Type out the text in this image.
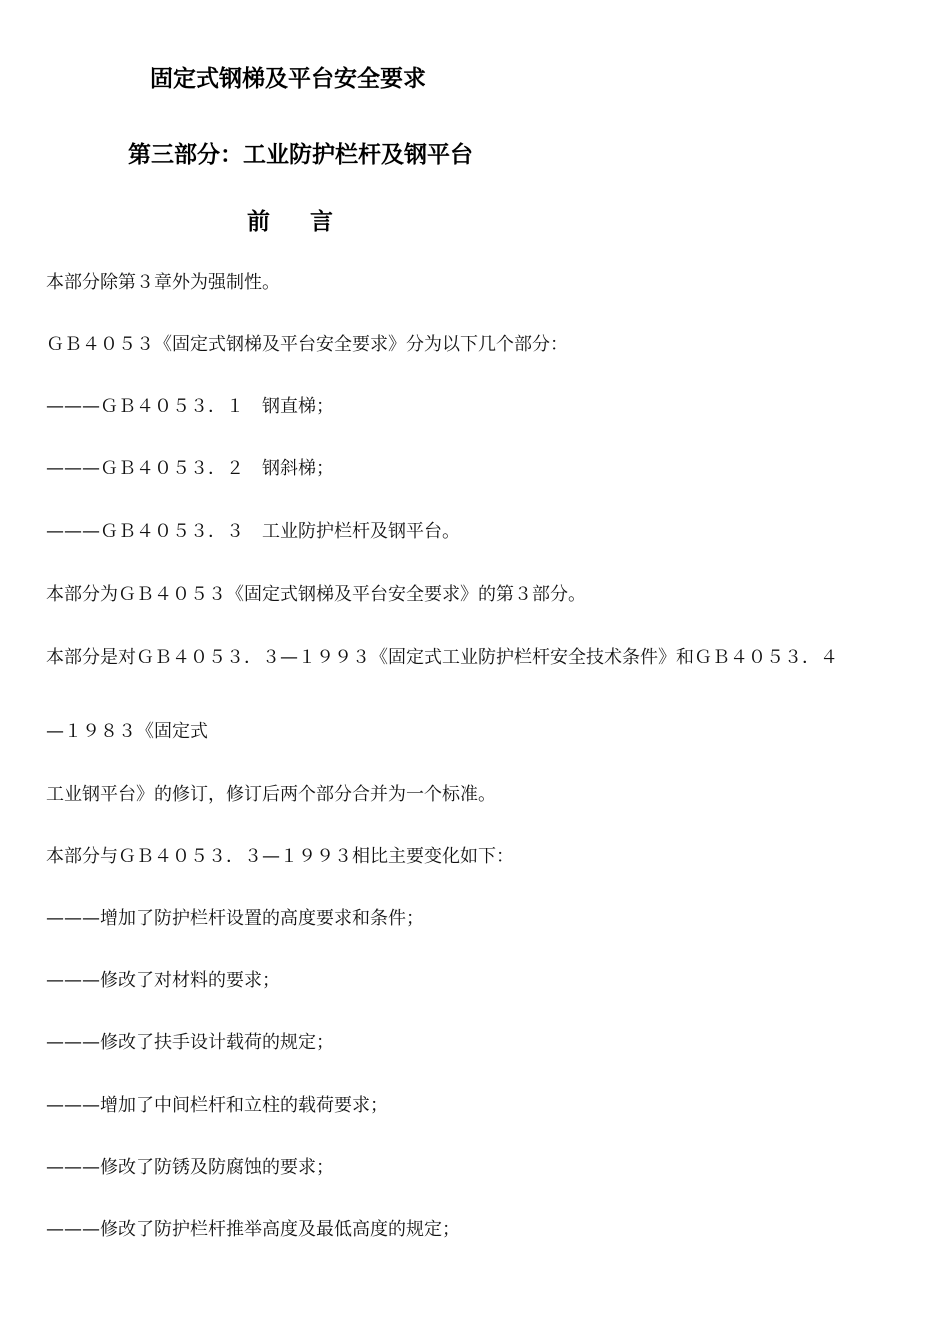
固定式钢梯及平台安全要求
第三部分：工业防护栏杆及钢平台
前言
本部分除第３章外为强制性。
ＧＢ４０５３《固定式钢梯及平台安全要求》分为以下几个部分：
———ＧＢ４０５３．１　钢直梯；
———ＧＢ４０５３．２　钢斜梯；
———ＧＢ４０５３．３　工业防护栏杆及钢平台。
本部分为ＧＢ４０５３《固定式钢梯及平台安全要求》的第３部分。
本部分是对ＧＢ４０５３．３—１９９３《固定式工业防护栏杆安全技术条件》和ＧＢ４０５３．４
—１９８３《固定式
工业钢平台》的修订，修订后两个部分合并为一个标准。
本部分与ＧＢ４０５３．３—１９９３相比主要变化如下：
———增加了防护栏杆设置的高度要求和条件；
———修改了对材料的要求；
———修改了扶手设计载荷的规定；
———增加了中间栏杆和立柱的载荷要求；
———修改了防锈及防腐蚀的要求；
———修改了防护栏杆推举高度及最低高度的规定；
